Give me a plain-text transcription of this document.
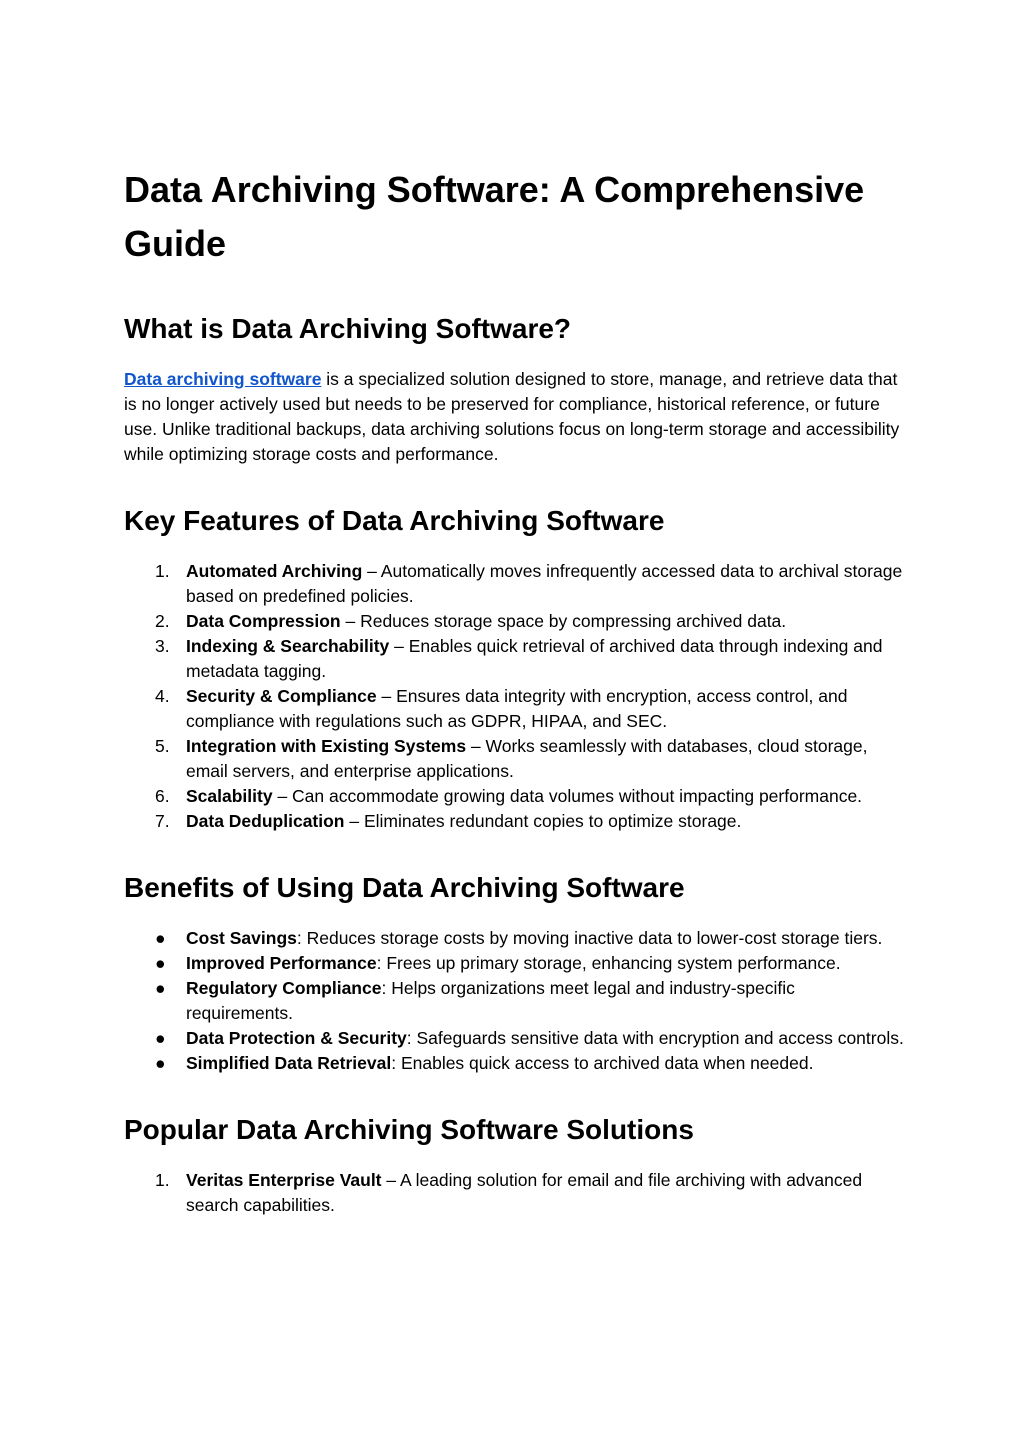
Data Archiving Software: A Comprehensive Guide
What is Data Archiving Software?

Data archiving software is a specialized solution designed to store, manage, and retrieve data that is no longer actively used but needs to be preserved for compliance, historical reference, or future use. Unlike traditional backups, data archiving solutions focus on long-term storage and accessibility while optimizing storage costs and performance.

Key Features of Data Archiving Software
1. Automated Archiving – Automatically moves infrequently accessed data to archival storage based on predefined policies.
2. Data Compression – Reduces storage space by compressing archived data.
3. Indexing & Searchability – Enables quick retrieval of archived data through indexing and metadata tagging.
4. Security & Compliance – Ensures data integrity with encryption, access control, and compliance with regulations such as GDPR, HIPAA, and SEC.
5. Integration with Existing Systems – Works seamlessly with databases, cloud storage, email servers, and enterprise applications.
6. Scalability – Can accommodate growing data volumes without impacting performance.
7. Data Deduplication – Eliminates redundant copies to optimize storage.
Benefits of Using Data Archiving Software
● Cost Savings: Reduces storage costs by moving inactive data to lower-cost storage tiers.
● Improved Performance: Frees up primary storage, enhancing system performance.
● Regulatory Compliance: Helps organizations meet legal and industry-specific requirements.
● Data Protection & Security: Safeguards sensitive data with encryption and access controls.
● Simplified Data Retrieval: Enables quick access to archived data when needed.
Popular Data Archiving Software Solutions
1. Veritas Enterprise Vault – A leading solution for email and file archiving with advanced search capabilities.
